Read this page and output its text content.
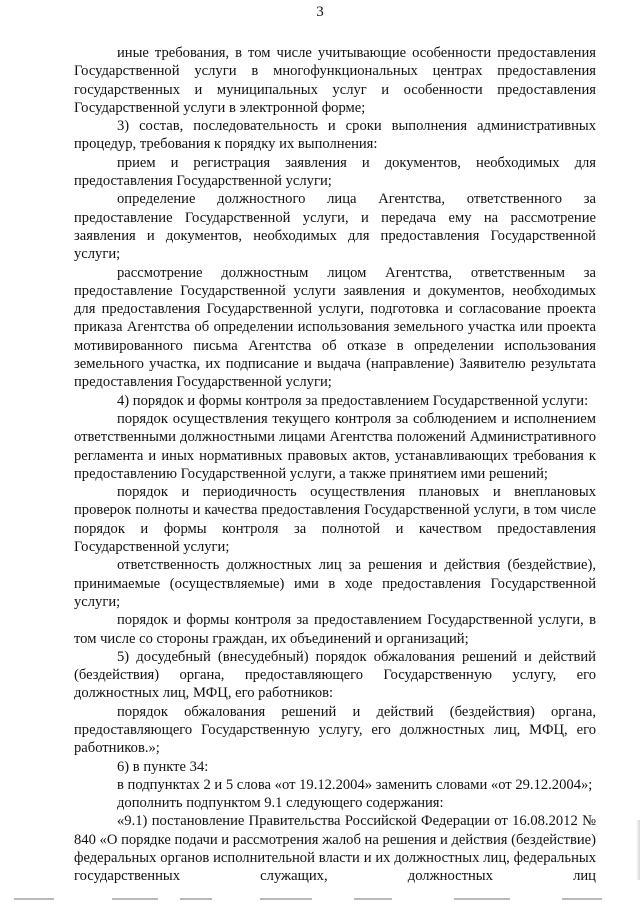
3

иные требования, в том числе учитывающие особенности предоставления Государственной услуги в многофункциональных центрах предоставления государственных и муниципальных услуг и особенности предоставления Государственной услуги в электронной форме;

3) состав, последовательность и сроки выполнения административных процедур, требования к порядку их выполнения:

прием и регистрация заявления и документов, необходимых для предоставления Государственной услуги;

определение должностного лица Агентства, ответственного за предоставление Государственной услуги, и передача ему на рассмотрение заявления и документов, необходимых для предоставления Государственной услуги;

рассмотрение должностным лицом Агентства, ответственным за предоставление Государственной услуги заявления и документов, необходимых для предоставления Государственной услуги, подготовка и согласование проекта приказа Агентства об определении использования земельного участка или проекта мотивированного письма Агентства об отказе в определении использования земельного участка, их подписание и выдача (направление) Заявителю результата предоставления Государственной услуги;

4) порядок и формы контроля за предоставлением Государственной услуги:

порядок осуществления текущего контроля за соблюдением и исполнением ответственными должностными лицами Агентства положений Административного регламента и иных нормативных правовых актов, устанавливающих требования к предоставлению Государственной услуги, а также принятием ими решений;

порядок и периодичность осуществления плановых и внеплановых проверок полноты и качества предоставления Государственной услуги, в том числе порядок и формы контроля за полнотой и качеством предоставления Государственной услуги;

ответственность должностных лиц за решения и действия (бездействие), принимаемые (осуществляемые) ими в ходе предоставления Государственной услуги;

порядок и формы контроля за предоставлением Государственной услуги, в том числе со стороны граждан, их объединений и организаций;

5) досудебный (внесудебный) порядок обжалования решений и действий (бездействия) органа, предоставляющего Государственную услугу, его должностных лиц, МФЦ, его работников:

порядок обжалования решений и действий (бездействия) органа, предоставляющего Государственную услугу, его должностных лиц, МФЦ, его работников.»;

6) в пункте 34:

в подпунктах 2 и 5 слова «от 19.12.2004» заменить словами «от 29.12.2004»;

дополнить подпунктом 9.1 следующего содержания:

«9.1) постановление Правительства Российской Федерации от 16.08.2012 № 840 «О порядке подачи и рассмотрения жалоб на решения и действия (бездействие) федеральных органов исполнительной власти и их должностных лиц, федеральных государственных служащих, должностных лиц
